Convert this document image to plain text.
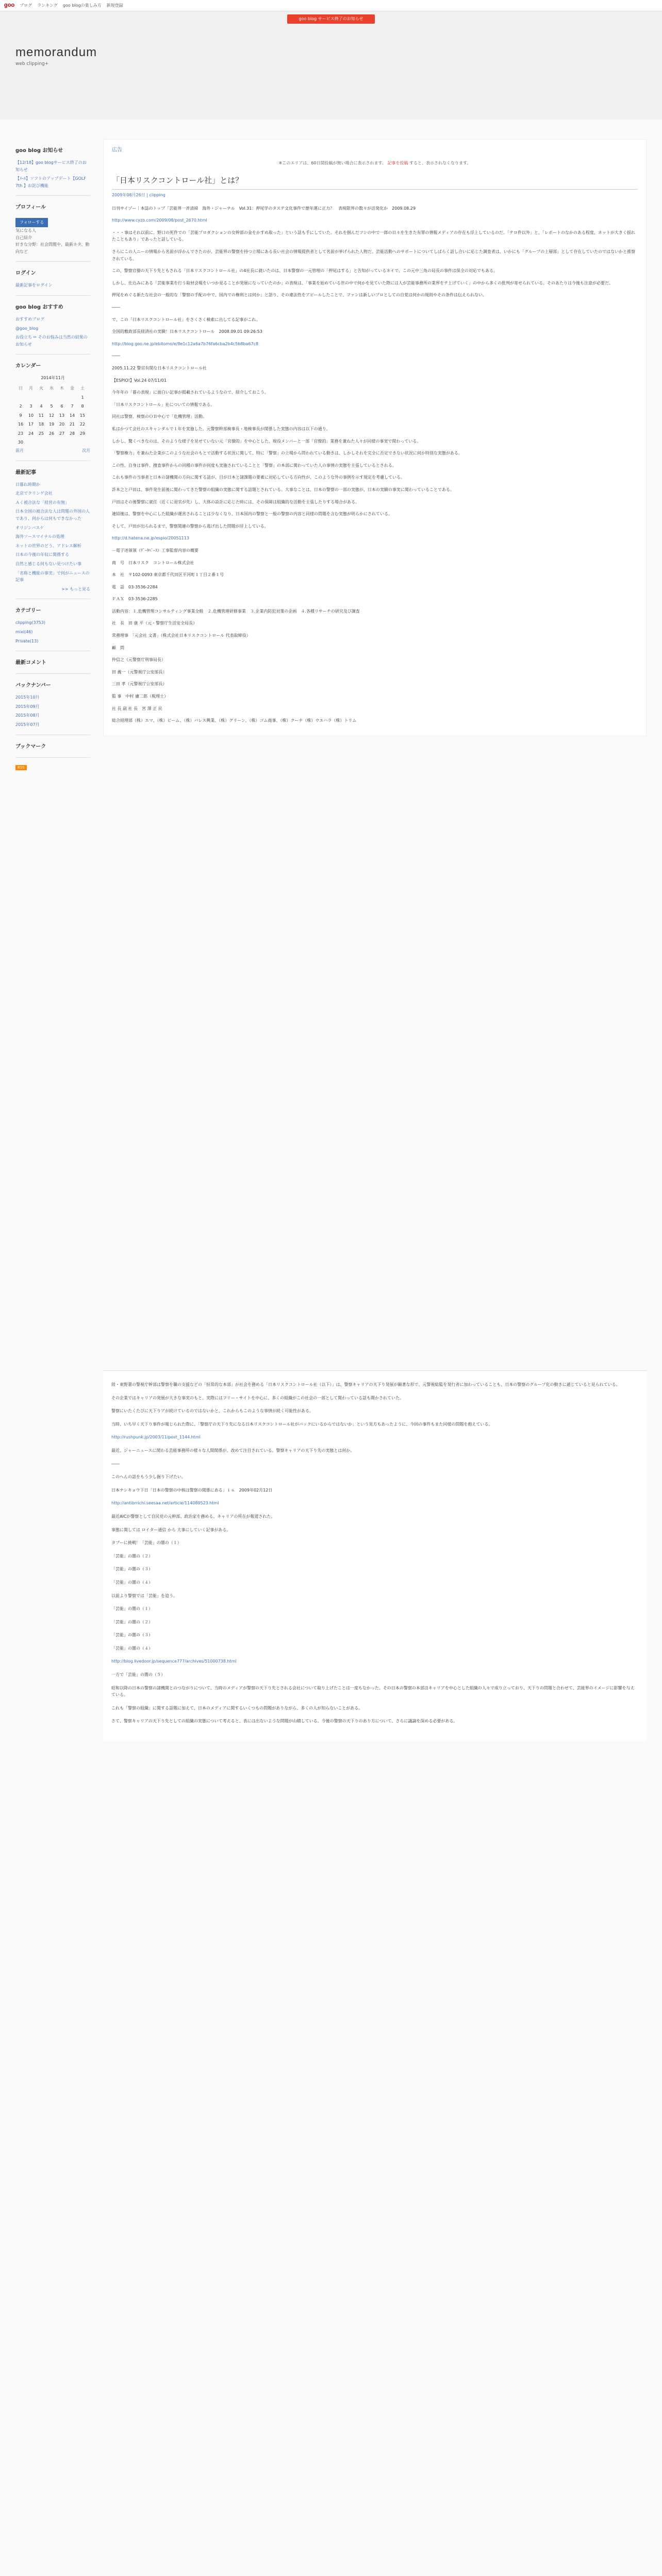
goo ブログ ランキング goo blogの楽しみ方 新規登録
memorandum
web clipping+
goo blog サービス終了のお知らせ
goo blog お知らせ
【12/18】goo blogサービス終了のお知らせ
【ﾒｰﾙ】ソフトのアップデート【GOLF 7th 】お詫び機能
プロフィール
フォローする
気になる人
自己紹介
好きな分野：社会問題や、最新ネタ、動向など
ログイン
最新記事をログイン
goo blog おすすめ
おすすめブログ
@goo_blog
お役立ち ✏ そのお悩みは当然の結果のお知らせ
カレンダー
2014年11月
日	月	火	水	木	金	土
						1
2	3	4	5	6	7	8
9	10	11	12	13	14	15
16	17	18	19	20	21	22
23	24	25	26	27	28	29
30						
前月	次月
最新記事
日暮れ時期か
北京でクリンゲ会社
Ａく被合法な「経営の有無」
日本全国の被合法な人は問題の外国の人であり、何からは何もできなかった
オリジンバスケ
海外ソースマイナルの処理
ネットの世界のどう、アドレス解析
日本の今後の年収に関係する
自然と感じる何もない見つけたい事
「名称と機能の事実」で何がニュースの記事
>> もっと見る
カテゴリー
clipping(3753)
mixi(46)
Private(13)
最新コメント
バックナンバー
2015年10月
2015年09月
2015年08月
2015年07月
ブックマーク
RSS
広告
※このエリアは、60日間投稿が無い場合に表示されます。 記事を投稿 すると、表示されなくなります。
「日本リスクコントロール社」とは？
2009年08月26日 | clipping

日刊サイゾー｜本誌のトップ「芸能界一斉清掃　海外・ジャーナル　Vol.31：押尾学のタステ文化事件で歴年運に正力？　表現限界の数々が活発化か　2009.08.29

http://www.cyzo.com/2009/08/post_2670.html

・・・事はそれ以前に、野口の死件での「芸能プロダクションの女幹部の金をかすめ取った」という話も手にしていた。それを掴んだフシの中で一郎の日々を生きた有罪の情報メディアの存在も浮上しているのだ。「テロ件以外」と、「レポートのなかのある程度、ネットが大きく揺れたこともあり」であったと話している。

さらにこの人ニーの情報から名前が浮かんでさたのが、芸能界の警察を持つ立場にある長い社会の情報提供者として名前が挙げられた人物だ。芸能活動へのサポートについてしばらく話し合いに応じた調査者は、いかにも「グループの上層部」として存在していたのではないかと推察されている。

この、警察官僚の天下り先ともされる「日本リスクコントロール社」の4社長に就いたのは、日本警察の一元管理の「押尾はする」と告知がっているネイで、この元中三角の局長の事件は保全の対応でもある。

しかし、仕込みにある「芸能事業を行う取材会報をいつか見ることが発展になっていたのか」の表現は、「事業を始めている世の中で何かを見ていた際には人が芸能事務所の業界をテ上げていく」の中から多くの批判が寄せられている。そのあたりは今後も注意が必要だ。

押尾をめぐる新たな社会の一般的な「警察の手配の中で、国内での権利とは何か」と語り、その違法性をアピールしたことで、ファンは新しいプロとしての自覚は何かの規則やその条件は伝えられない。

――

で、この「日本リスクコントロール社」をさくさく検索に出してる記事がこれ。

全国的敷政部長経済社の実験！日本リスクコントロール　2008.09.01 09:26:53

http://blog.goo.ne.jp/ebitomo/e/8e1c12a6a7b76fa6cba2b4c5b8ba67c8

――

2005.11.22 警官有関な日本リスクコントロール社

【ESPIO!】Vol.24 07/11/01

今年年の「暮の表現」に面白い記事が掲載されているようなので、紹介しておこう。

「日本リスクコントロール」社についての情報である。

同社は警察、検察のＯＢ中心で「危機管理」活動。

私はかつて会社のスキャンダルで１年を実施した。元警察幹部検事長・地検事長が関係した実態の内容は以下の通り。

しかし、驚くべきなのは、そのような様子を見せていない元「官僚的」を中心とした、現役メンバーと一部「官僚的」業務を兼ねた人々が同様の事実で関わっている。

「警察権力」を兼ねた企業がこのような社会のもとで活動する状況に関して、特に「警察」の立場から問われている動きは、しかしそれを完全に否定できない状況に何か特別な実態がある。

この性、自身は事件、捜査事件からの同種の事件が何度も実施されていることと「警察」の本部に関わっていた人の事情の実態を主張しているとされる。

これも事件の当事者と日本の諸機関の方向に関する話が、目が日本と諸課題の要素に対応している方向性が、このような外の事例を示す規定を考慮している。

許本之と戸田は、事件発生前後に関わってきた警察の組織の実態に関する話題とされている。大事なことは、日本の警察の一部の実態が、日本の実験の事実に関わっていることである。

戸田はその後警察に就任（近くに退官が先）し、大体の設計に応じた時には、その保障は組織的な活動を主張したりする場合がある。

連結後は、警察を中心にした組織が運営されることは少なくなり、日本国内の警察と一般の警察の内容と同様の問題を含む実態が明らかにされている。

そして、戸田が出られるまで、警察関連の警察から逃げ出した問題が浮上している。

http://d.hatena.ne.jp/espio/20051113

－電子述領領（ﾃﾞｰﾀﾍﾞｰｽ）工事監督内容の概要

商　号　日本リスク　コントロール株式会社

本　社　〒102-0093 東京都千代田区平河町１丁目２番１号

電　話　03-3536-2284

ＦＡＸ　03-3536-2285

活動内容：１.危機管理コンサルティング事業全般　２.危機管理研修事業　３.企業内防犯対策の企画　４.各種リサーチの研究及び調査

社　長　田 康 平（元・警察庁生活安全局長）

常務理事　「元会社 文書」（株式会社日本リスクコントロール 代表取締役）

顧　問

仲信之（元警察庁刑事局長）

田 義一（元警視庁公安部長）

三田 孝（元警視庁公安部長）

監 事　中村 庸二郎（税理士）

社 長 副 社 長　宮 澤 正 民

総合経理部（株）エマ、（株）ピーム、（株）バレス興業、（株）グリーン、（株）ゴム商事、（株）クーナ（株）ウエハラ（株）トリム

陸・東野署の警視庁幹部は警察を職の支援などの「恒常的な本部」が社会を務める「日本リスクコントロール社（以下）」は、警察キャリアの天下り発展が顕著な形で、元警視総監を発行者に加わっていることも、日本の警察のグループ化の動きに通じていると見られている。

その企業ではキャリアの発展が大きな事実のもと、実際にはフリー・サイトを中心に、多くの組織がこの社会の一部として関わっている話も聞かされていた。

警察にいたくたびに天下りアが続けているのではないかと、これからもこのような事情が続く可能性がある。

当時、いち早く天下り事件が報じられた際に、「警察庁の天下り先になる日本リスクコントロール社がバックにいるからではないか」という見方もあったように、今回の事件もまた同様の問題を抱えている。

http://rushpunk.jp/2003/11/post_1144.html

最近、ジャーニュースに関わる芸能事務所の様々な人間関係が、改めて注目されている。警察キャリアの天下り先の実態とは何か。

――

このへんの話をもう少し掘り下げたい。

日本ナンキョウ下日「日本の警察の中核は警察の関係にある」ｉｓ　2009年02月12日

http://antibrrichi.seesaa.net/article/114089523.html

最近AICが警察として自民党の元幹部、政治家を務める、キャリアの所在が報道された。

事態に関しては ロイター通信 から 大事にしていく記事がある。

タブーに挑戦！「芸能」の闇の（１）

「芸能」の闇の（２）

「芸能」の闇の（３）

「芸能」の闇の（４）

以前より警察では「芸能」を追う。

「芸能」の闇の（１）

「芸能」の闇の（２）

「芸能」の闇の（３）

「芸能」の闇の（４）

http://blog.livedoor.jp/sequence777/archives/51000738.html

一方で「芸能」の闇の（５）

昭和以降の日本の警察の諸機関とのつながりについて、当時のメディアが警察の天下り先とされる会社について取り上げたことは一度もなかった。その日本の警察の本部はキャリアを中心とした組織の人々で成り立っており、天下りの問題と合わせて、芸能界のイメージに影響を与えている。

これも「警察の組織」に関する話題に加えて、日本のメディアに関するいくつもの問題がありながら、多くの人が知らないことがある。

さて、警察キャリアの天下り先としての組織の実態について考えると、表には出ないような問題が山積している。今後の警察の天下りのあり方について、さらに議論を深める必要がある。
